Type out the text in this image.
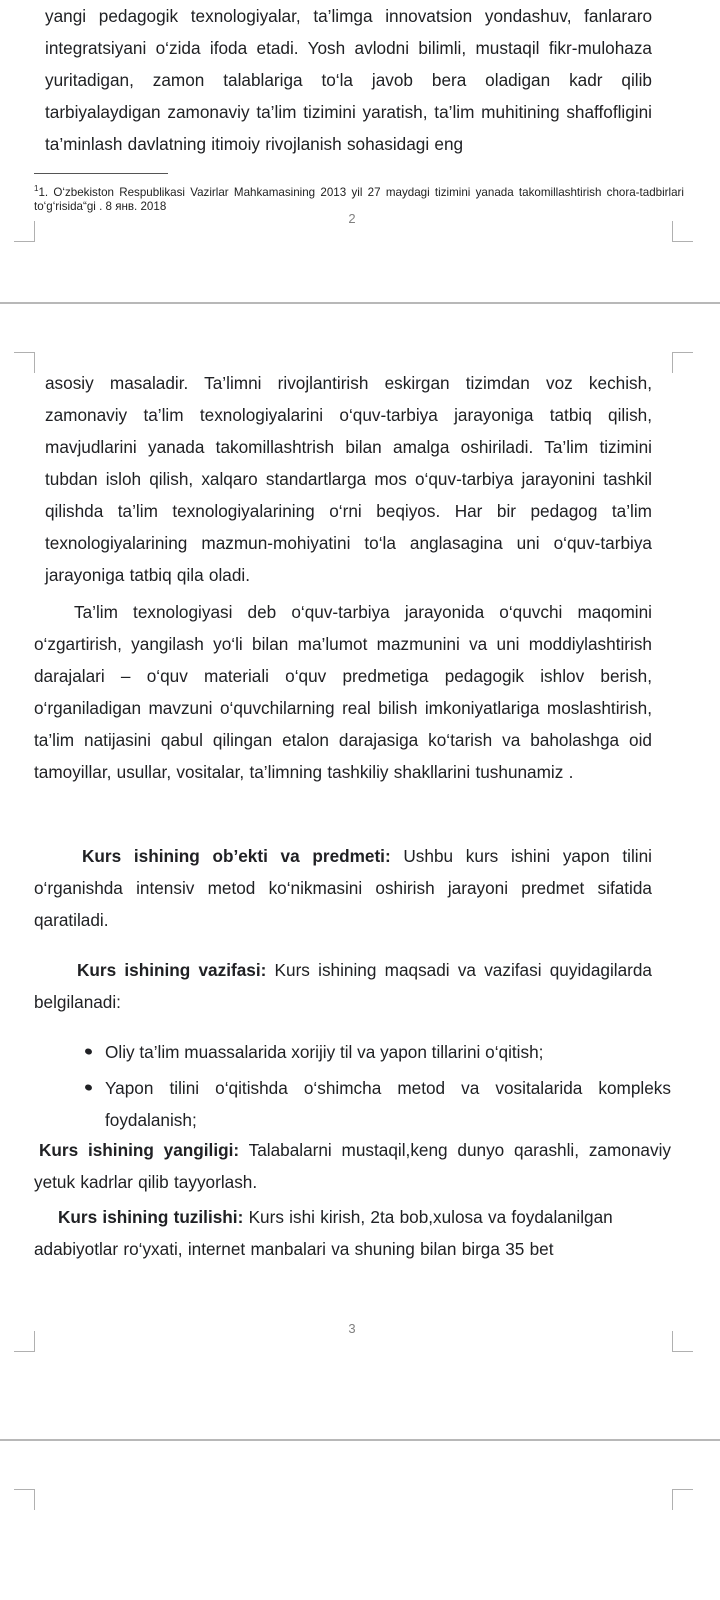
yangi pedagogik texnologiyalar, ta’limga innovatsion yondashuv, fanlararo integratsiyani o‘zida ifoda etadi. Yosh avlodni bilimli, mustaqil fikr-mulohaza yuritadigan, zamon talablariga to‘la javob bera oladigan kadr qilib tarbiyalaydigan zamonaviy ta’lim tizimini yaratish, ta’lim muhitining shaffofligini ta’minlash davlatning itimoiy rivojlanish sohasidagi eng

$^1$1. O‘zbekiston Respublikasi Vazirlar Mahkamasining 2013 yil 27 maydagi tizimini yanada takomillashtirish chora-tadbirlari to‘g‘risida“gi . 8 янв. 2018

2

asosiy masaladir. Ta’limni rivojlantirish eskirgan tizimdan voz kechish, zamonaviy ta’lim texnologiyalarini o‘quv-tarbiya jarayoniga tatbiq qilish, mavjudlarini yanada takomillashtrish bilan amalga oshiriladi. Ta’lim tizimini tubdan isloh qilish, xalqaro standartlarga mos o‘quv-tarbiya jarayonini tashkil qilishda ta’lim texnologiyalarining o‘rni beqiyos. Har bir pedagog ta’lim texnologiyalarining mazmun-mohiyatini to‘la anglasagina uni o‘quv-tarbiya jarayoniga tatbiq qila oladi.

Ta’lim texnologiyasi deb o‘quv-tarbiya jarayonida o‘quvchi maqomini o‘zgartirish, yangilash yo‘li bilan ma’lumot mazmunini va uni moddiylashtirish darajalari – o‘quv materiali o‘quv predmetiga pedagogik ishlov berish, o‘rganiladigan mavzuni o‘quvchilarning real bilish imkoniyatlariga moslashtirish, ta’lim natijasini qabul qilingan etalon darajasiga ko‘tarish va baholashga oid tamoyillar, usullar, vositalar, ta’limning tashkiliy shakllarini tushunamiz .

Kurs ishining ob’ekti va predmeti: Ushbu kurs ishini yapon tilini o‘rganishda intensiv metod ko‘nikmasini oshirish jarayoni predmet sifatida qaratiladi.

Kurs ishining vazifasi: Kurs ishining maqsadi va vazifasi quyidagilarda belgilanadi:

Oliy ta’lim muassalarida xorijiy til va yapon tillarini o‘qitish;
Yapon tilini o‘qitishda o‘shimcha metod va vositalarida kompleks foydalanish;

Kurs ishining yangiligi: Talabalarni mustaqil,keng dunyo qarashli, zamonaviy yetuk kadrlar qilib tayyorlash.

Kurs ishining tuzilishi: Kurs ishi kirish, 2ta bob,xulosa va foydalanilgan adabiyotlar ro‘yxati, internet manbalari va shuning bilan birga 35 bet

3
